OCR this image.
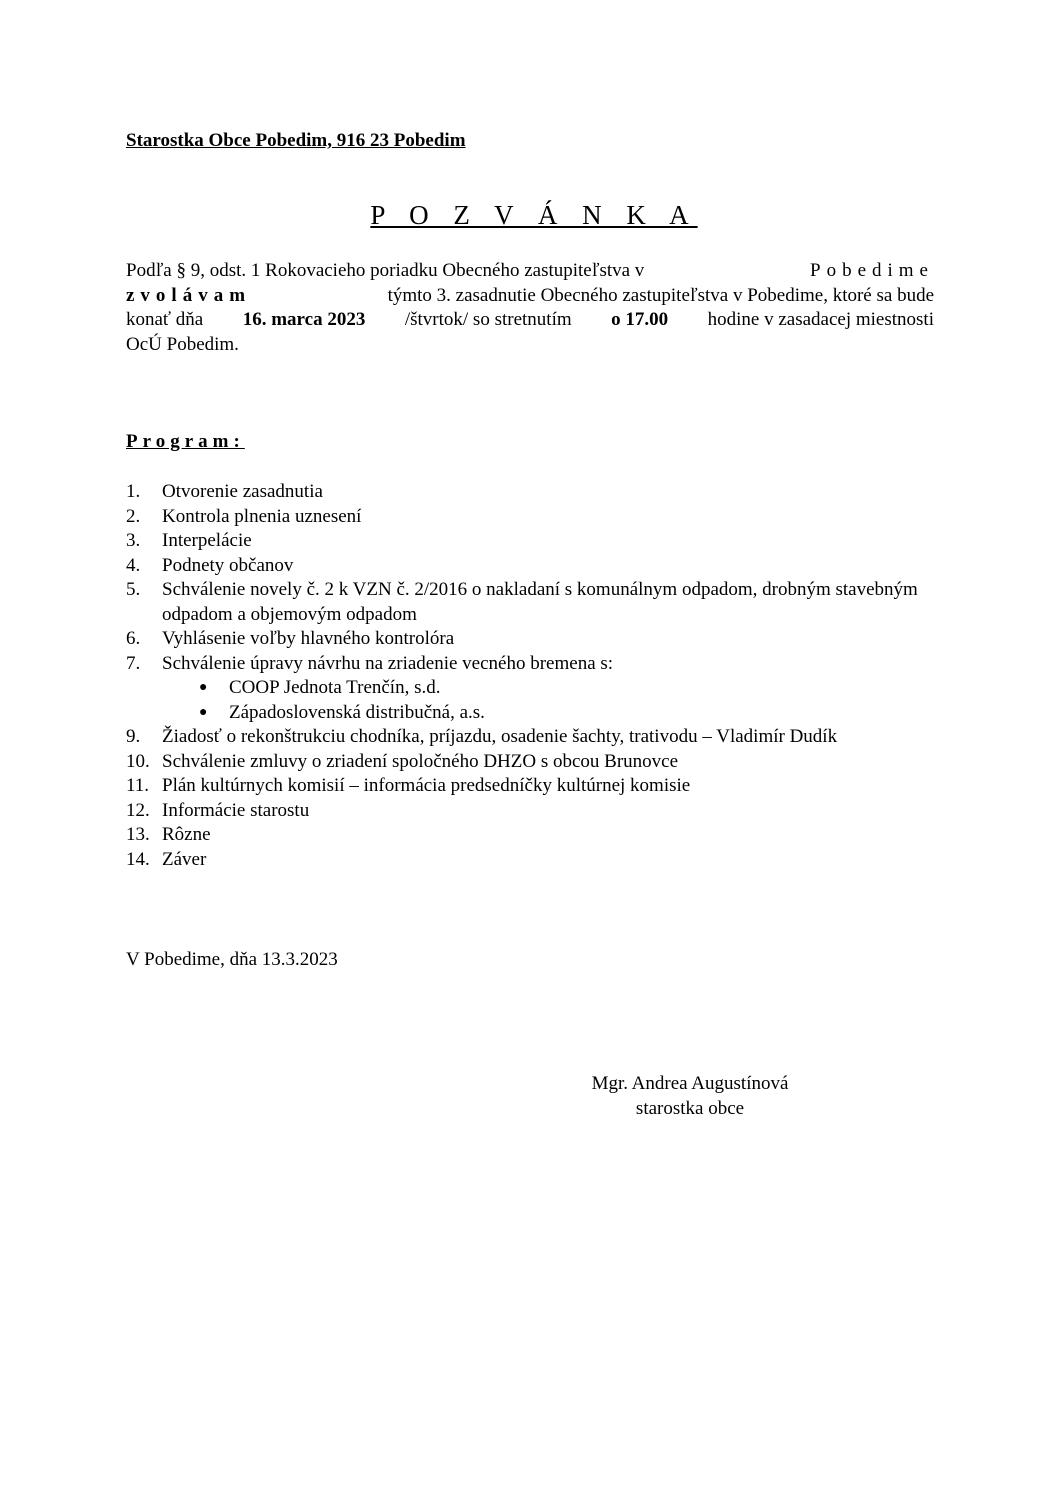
Starostka Obce Pobedim, 916 23 Pobedim
P O Z V Á N K A
Podľa § 9, odst. 1 Rokovacieho poriadku Obecného zastupiteľstva v	Pobedime
zvolávam	týmto 3. zasadnutie Obecného zastupiteľstva v Pobedime, ktoré sa bude
konať dňa 16. marca 2023 /štvrtok/ so stretnutím o 17.00 hodine v zasadacej miestnosti
OcÚ Pobedim.
Program:
1.	Otvorenie zasadnutia
2.	Kontrola plnenia uznesení
3.	Interpelácie
4.	Podnety občanov
5.	Schválenie novely č. 2 k VZN č. 2/2016 o nakladaní s komunálnym odpadom, drobným stavebným odpadom a objemovým odpadom
6.	Vyhlásenie voľby hlavného kontrolóra
7.	Schválenie úpravy návrhu na zriadenie vecného bremena s:
●	COOP Jednota Trenčín, s.d.
●	Západoslovenská distribučná, a.s.
9.	Žiadosť o rekonštrukciu chodníka, príjazdu, osadenie šachty, trativodu – Vladimír Dudík
10. Schválenie zmluvy o zriadení spoločného DHZO s obcou Brunovce
11. Plán kultúrnych komisií – informácia predsedníčky kultúrnej komisie
12. Informácie starostu
13. Rôzne
14. Záver
V Pobedime, dňa 13.3.2023
Mgr. Andrea Augustínová
starostka obce
